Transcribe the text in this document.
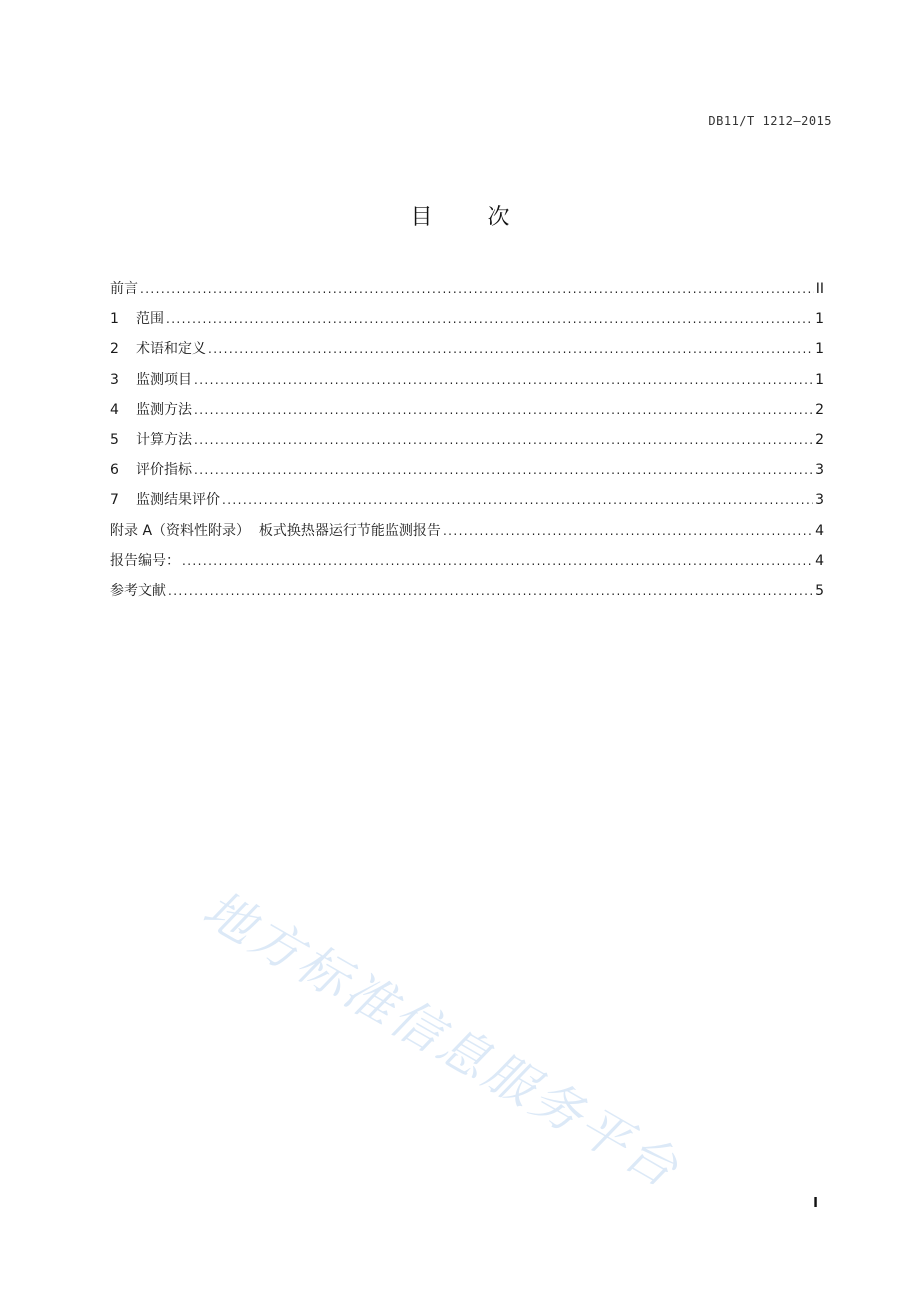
DB11/T 1212—2015
目 次
前言 .....	II
1	范围 .....	1
2	术语和定义 .....	1
3	监测项目 .....	1
4	监测方法 .....	2
5	计算方法 .....	2
6	评价指标 .....	3
7	监测结果评价 .....	3
附录 A（资料性附录）  板式换热器运行节能监测报告 .....	4
报告编号： .....	4
参考文献 .....	5
地方标准信息服务平台
I
